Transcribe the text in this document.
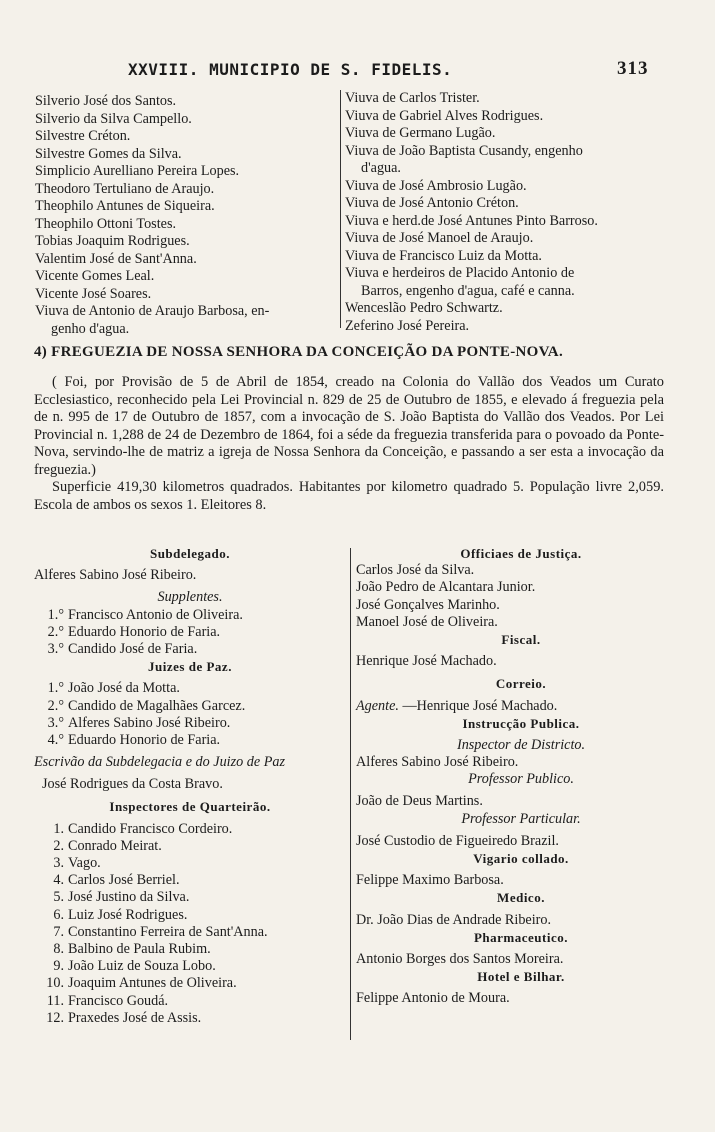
XXVIII. MUNICIPIO DE S. FIDELIS.	313
Silverio José dos Santos.
Silverio da Silva Campello.
Silvestre Créton.
Silvestre Gomes da Silva.
Simplicio Aurelliano Pereira Lopes.
Theodoro Tertuliano de Araujo.
Theophilo Antunes de Siqueira.
Theophilo Ottoni Tostes.
Tobias Joaquim Rodrigues.
Valentim José de Sant'Anna.
Vicente Gomes Leal.
Vicente José Soares.
Viuva de Antonio de Araujo Barbosa, en-
genho d'agua.
Viuva de Carlos Trister.
Viuva de Gabriel Alves Rodrigues.
Viuva de Germano Lugão.
Viuva de João Baptista Cusandy, engenho
d'agua.
Viuva de José Ambrosio Lugão.
Viuva de José Antonio Créton.
Viuva e herd.de José Antunes Pinto Barroso.
Viuva de José Manoel de Araujo.
Viuva de Francisco Luiz da Motta.
Viuva e herdeiros de Placido Antonio de
Barros, engenho d'agua, café e canna.
Wenceslão Pedro Schwartz.
Zeferino José Pereira.
4) FREGUEZIA DE NOSSA SENHORA DA CONCEIÇÃO DA PONTE-NOVA.

( Foi, por Provisão de 5 de Abril de 1854, creado na Colonia do Vallão dos Veados um Curato Ecclesiastico, reconhecido pela Lei Provincial n. 829 de 25 de Outubro de 1855, e elevado á freguezia pela de n. 995 de 17 de Outubro de 1857, com a invocação de S. João Baptista do Vallão dos Veados. Por Lei Provincial n. 1,288 de 24 de Dezembro de 1864, foi a séde da freguezia transferida para o povoado da Ponte-Nova, servindo-lhe de matriz a igreja de Nossa Senhora da Conceição, e passando a ser esta a invocação da freguezia.)

Superficie 419,30 kilometros quadrados. Habitantes por kilometro quadrado 5. População livre 2,059. Escola de ambos os sexos 1. Eleitores 8.

Subdelegado.
Alferes Sabino José Ribeiro.
Supplentes.
1.° Francisco Antonio de Oliveira.
2.° Eduardo Honorio de Faria.
3.° Candido José de Faria.
Juizes de Paz.
1.° João José da Motta.
2.° Candido de Magalhães Garcez.
3.° Alferes Sabino José Ribeiro.
4.° Eduardo Honorio de Faria.
Escrivão da Subdelegacia e do Juizo de Paz
José Rodrigues da Costa Bravo.
Inspectores de Quarteirão.
1. Candido Francisco Cordeiro.
2. Conrado Meirat.
3. Vago.
4. Carlos José Berriel.
5. José Justino da Silva.
6. Luiz José Rodrigues.
7. Constantino Ferreira de Sant'Anna.
8. Balbino de Paula Rubim.
9. João Luiz de Souza Lobo.
10. Joaquim Antunes de Oliveira.
11. Francisco Goudá.
12. Praxedes José de Assis.
Officiaes de Justiça.
Carlos José da Silva.
João Pedro de Alcantara Junior.
José Gonçalves Marinho.
Manoel José de Oliveira.
Fiscal.
Henrique José Machado.
Correio.
Agente. —Henrique José Machado.
Instrucção Publica.
Inspector de Districto.
Alferes Sabino José Ribeiro.
Professor Publico.
João de Deus Martins.
Professor Particular.
José Custodio de Figueiredo Brazil.
Vigario collado.
Felippe Maximo Barbosa.
Medico.
Dr. João Dias de Andrade Ribeiro.
Pharmaceutico.
Antonio Borges dos Santos Moreira.
Hotel e Bilhar.
Felippe Antonio de Moura.
